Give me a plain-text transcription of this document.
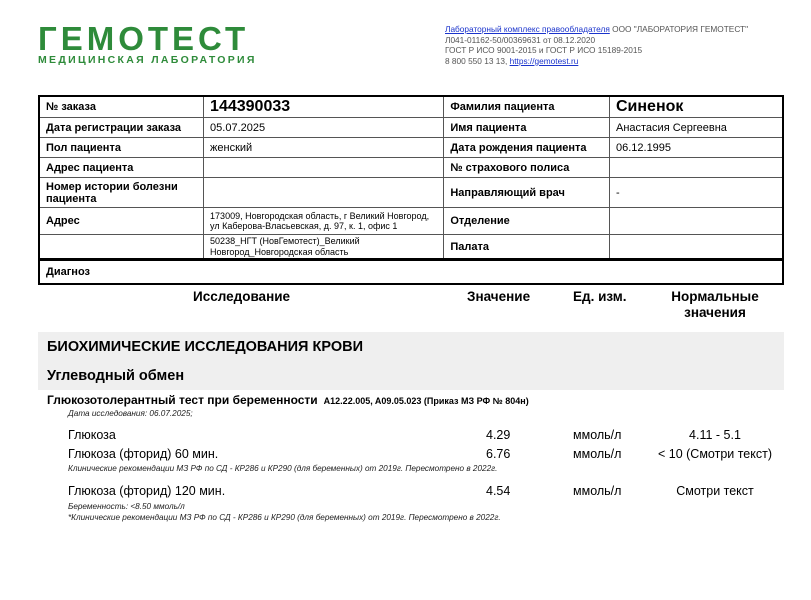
ГЕМОТЕСТ
МЕДИЦИНСКАЯ ЛАБОРАТОРИЯ
Лабораторный комплекс правообладателя ООО "ЛАБОРАТОРИЯ ГЕМОТЕСТ"
Л041-01162-50/00369631 от 08.12.2020
ГОСТ Р ИСО 9001-2015 и ГОСТ Р ИСО 15189-2015
8 800 550 13 13, https://gemotest.ru
№ заказа	144390033	Фамилия пациента	Синенок
Дата регистрации заказа	05.07.2025	Имя пациента	Анастасия Сергеевна
Пол пациента	женский	Дата рождения пациента	06.12.1995
Адрес пациента		№ страхового полиса	
Номер истории болезни пациента		Направляющий врач	-
Адрес	173009, Новгородская область, г Великий Новгород, ул Каберова-Власьевская, д. 97, к. 1, офис 1	Отделение	
	50238_НГТ (НовГемотест)_Великий Новгород_Новгородская область	Палата	
Диагноз
Исследование	Значение	Ед. изм.	Нормальные
значения
БИОХИМИЧЕСКИЕ ИССЛЕДОВАНИЯ КРОВИ
Углеводный обмен
Глюкозотолерантный тест при беременности A12.22.005, A09.05.023 (Приказ МЗ РФ № 804н)
Дата исследования: 06.07.2025;
Глюкоза	4.29	ммоль/л	4.11 - 5.1
Глюкоза (фторид) 60 мин.	6.76	ммоль/л	< 10 (Смотри текст)
Клинические рекомендации МЗ РФ по СД - КР286 и КР290 (для беременных) от 2019г. Пересмотрено в 2022г.
Глюкоза (фторид) 120 мин.	4.54	ммоль/л	Смотри текст
Беременность: <8.50 ммоль/л
*Клинические рекомендации МЗ РФ по СД - КР286 и КР290 (для беременных) от 2019г. Пересмотрено в 2022г.
